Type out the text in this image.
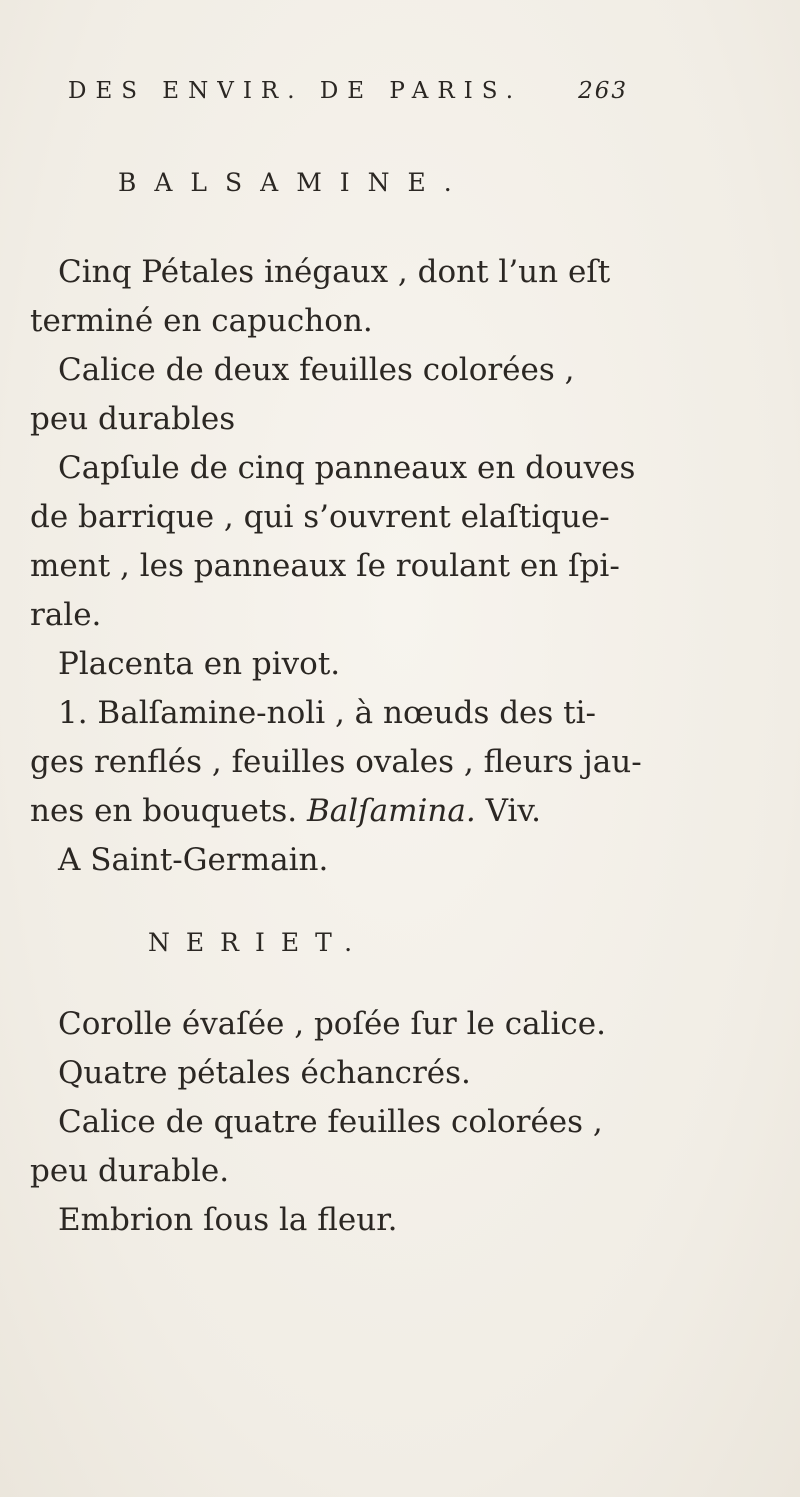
DES ENVIR. DE PARIS. 263
BALSAMINE.
Cinq Pétales inégaux , dont l’un eſt
terminé en capuchon.
Calice de deux feuilles colorées ,
peu durables
Capſule de cinq panneaux en douves
de barrique , qui s’ouvrent elaſtique-
ment , les panneaux ſe roulant en ſpi-
rale.
Placenta en pivot.
1. Balſamine-noli , à nœuds des ti-
ges renflés , feuilles ovales , fleurs jau-
nes en bouquets. Balſamina. Viv.
A Saint-Germain.
NERIET.
Corolle évaſée , poſée ſur le calice.
Quatre pétales échancrés.
Calice de quatre feuilles colorées ,
peu durable.
Embrion ſous la fleur.
